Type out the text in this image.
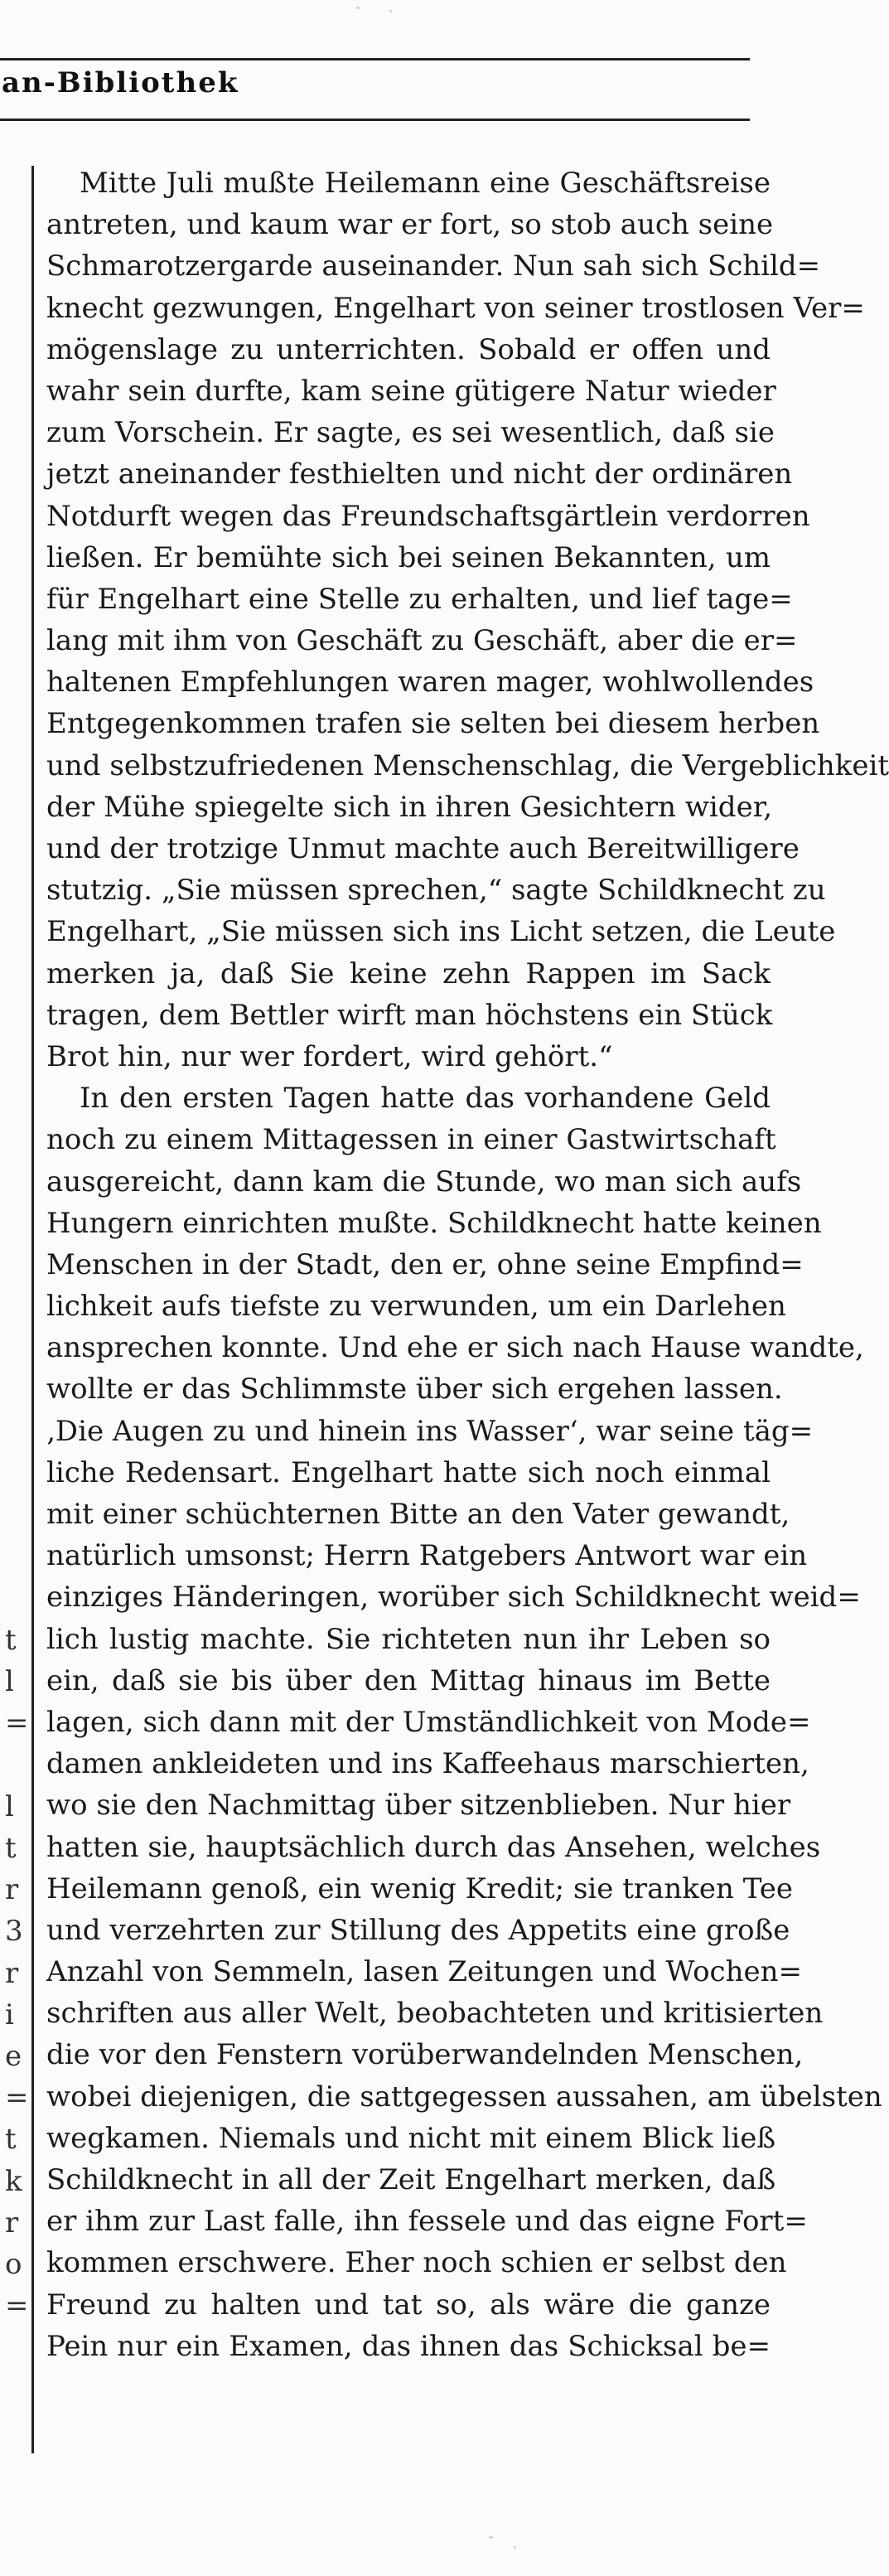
an-Bibliothek
t
l
=
l
t
r
3
r
i
e
=
t
k
r
o
=
Mitte Juli mußte Heilemann eine Geschäftsreise
antreten, und kaum war er fort, so stob auch seine
Schmarotzergarde auseinander. Nun sah sich Schild=
knecht gezwungen, Engelhart von seiner trostlosen Ver=
mögenslage zu unterrichten. Sobald er offen und
wahr sein durfte, kam seine gütigere Natur wieder
zum Vorschein. Er sagte, es sei wesentlich, daß sie
jetzt aneinander festhielten und nicht der ordinären
Notdurft wegen das Freundschaftsgärtlein verdorren
ließen. Er bemühte sich bei seinen Bekannten, um
für Engelhart eine Stelle zu erhalten, und lief tage=
lang mit ihm von Geschäft zu Geschäft, aber die er=
haltenen Empfehlungen waren mager, wohlwollendes
Entgegenkommen trafen sie selten bei diesem herben
und selbstzufriedenen Menschenschlag, die Vergeblichkeit
der Mühe spiegelte sich in ihren Gesichtern wider,
und der trotzige Unmut machte auch Bereitwilligere
stutzig. „Sie müssen sprechen,“ sagte Schildknecht zu
Engelhart, „Sie müssen sich ins Licht setzen, die Leute
merken ja, daß Sie keine zehn Rappen im Sack
tragen, dem Bettler wirft man höchstens ein Stück
Brot hin, nur wer fordert, wird gehört.“
In den ersten Tagen hatte das vorhandene Geld
noch zu einem Mittagessen in einer Gastwirtschaft
ausgereicht, dann kam die Stunde, wo man sich aufs
Hungern einrichten mußte. Schildknecht hatte keinen
Menschen in der Stadt, den er, ohne seine Empfind=
lichkeit aufs tiefste zu verwunden, um ein Darlehen
ansprechen konnte. Und ehe er sich nach Hause wandte,
wollte er das Schlimmste über sich ergehen lassen.
‚Die Augen zu und hinein ins Wasser‘, war seine täg=
liche Redensart. Engelhart hatte sich noch einmal
mit einer schüchternen Bitte an den Vater gewandt,
natürlich umsonst; Herrn Ratgebers Antwort war ein
einziges Händeringen, worüber sich Schildknecht weid=
lich lustig machte. Sie richteten nun ihr Leben so
ein, daß sie bis über den Mittag hinaus im Bette
lagen, sich dann mit der Umständlichkeit von Mode=
damen ankleideten und ins Kaffeehaus marschierten,
wo sie den Nachmittag über sitzenblieben. Nur hier
hatten sie, hauptsächlich durch das Ansehen, welches
Heilemann genoß, ein wenig Kredit; sie tranken Tee
und verzehrten zur Stillung des Appetits eine große
Anzahl von Semmeln, lasen Zeitungen und Wochen=
schriften aus aller Welt, beobachteten und kritisierten
die vor den Fenstern vorüberwandelnden Menschen,
wobei diejenigen, die sattgegessen aussahen, am übelsten
wegkamen. Niemals und nicht mit einem Blick ließ
Schildknecht in all der Zeit Engelhart merken, daß
er ihm zur Last falle, ihn fessele und das eigne Fort=
kommen erschwere. Eher noch schien er selbst den
Freund zu halten und tat so, als wäre die ganze
Pein nur ein Examen, das ihnen das Schicksal be=
